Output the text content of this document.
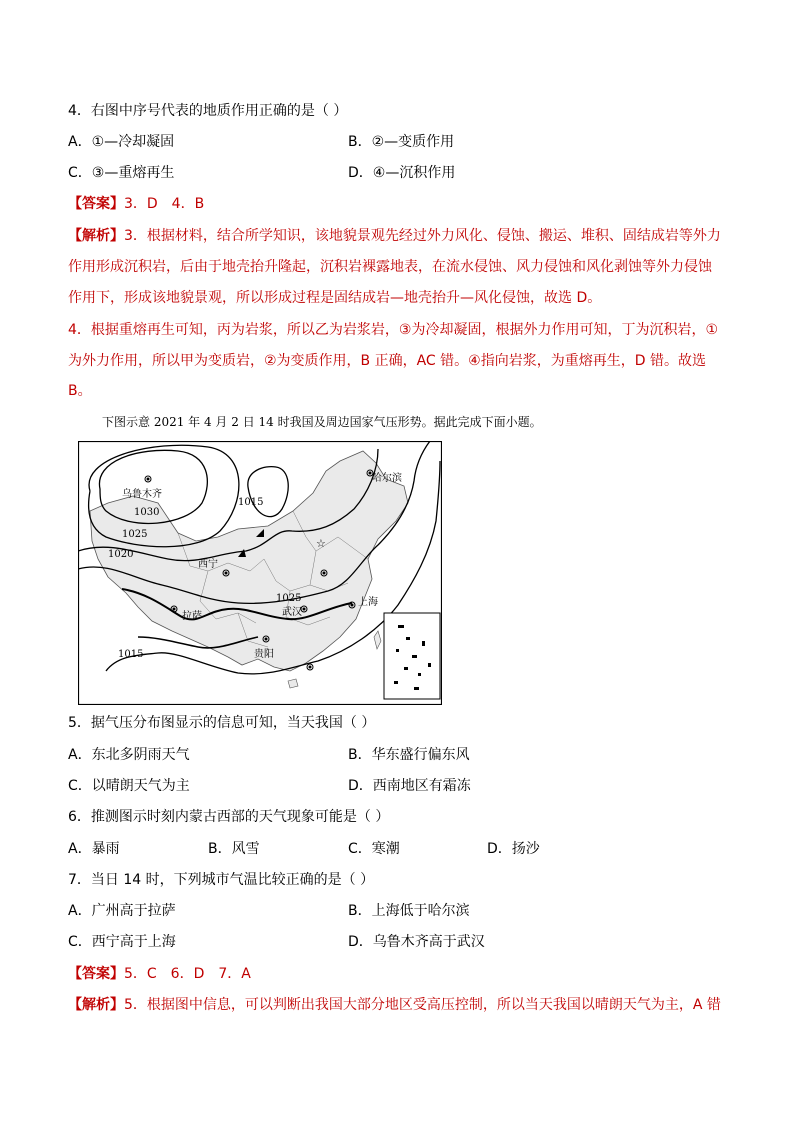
4．右图中序号代表的地质作用正确的是（ ）
A．①—冷却凝固	B．②—变质作用
C．③—重熔再生	D．④—沉积作用
【答案】3．D　4．B
【解析】3．根据材料，结合所学知识，该地貌景观先经过外力风化、侵蚀、搬运、堆积、固结成岩等外力
作用形成沉积岩，后由于地壳抬升隆起，沉积岩裸露地表，在流水侵蚀、风力侵蚀和风化剥蚀等外力侵蚀
作用下，形成该地貌景观，所以形成过程是固结成岩—地壳抬升—风化侵蚀，故选 D。
4．根据重熔再生可知，丙为岩浆，所以乙为岩浆岩，③为冷却凝固，根据外力作用可知，丁为沉积岩，①
为外力作用，所以甲为变质岩，②为变质作用，B 正确，AC 错。④指向岩浆，为重熔再生，D 错。故选
B。
下图示意 2021 年 4 月 2 日 14 时我国及周边国家气压形势。据此完成下面小题。
☆
乌鲁木齐
1030
哈尔滨
1015
1025
1020
西宁
1025
武汉
上海
拉萨
贵阳
1015
5．据气压分布图显示的信息可知，当天我国（ ）
A．东北多阴雨天气	B．华东盛行偏东风
C．以晴朗天气为主	D．西南地区有霜冻
6．推测图示时刻内蒙古西部的天气现象可能是（ ）
A．暴雨	B．风雪	C．寒潮	D．扬沙
7．当日 14 时，下列城市气温比较正确的是（ ）
A．广州高于拉萨	B．上海低于哈尔滨
C．西宁高于上海	D．乌鲁木齐高于武汉
【答案】5．C　6．D　7．A
【解析】5．根据图中信息，可以判断出我国大部分地区受高压控制，所以当天我国以晴朗天气为主，A 错
